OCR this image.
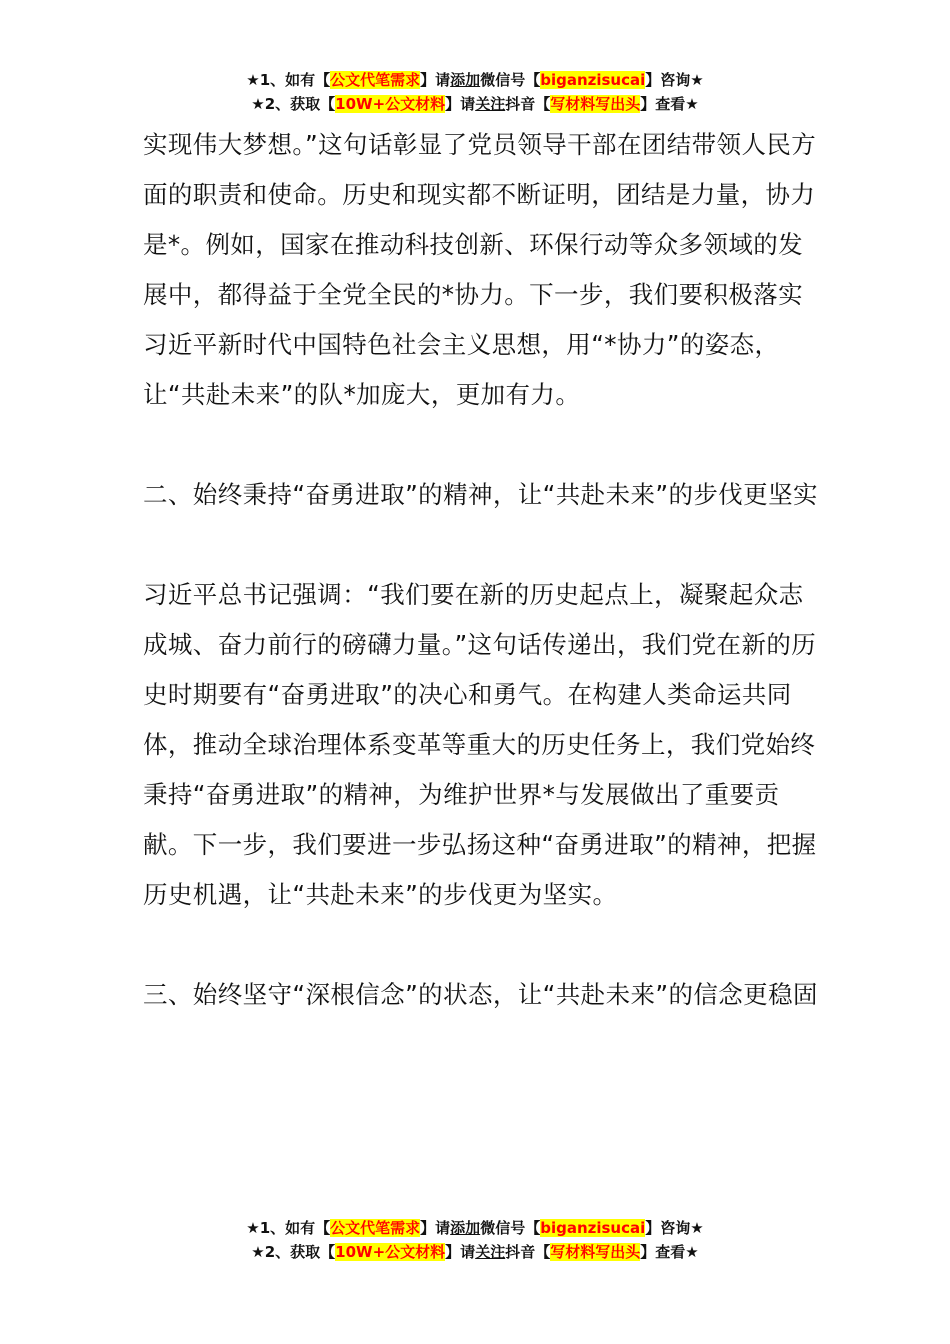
★1、如有【公文代笔需求】请添加微信号【biganzisucai】咨询★
★2、获取【10W+公文材料】请关注抖音【写材料写出头】查看★

实现伟大梦想。”这句话彰显了党员领导干部在团结带领人民方面的职责和使命。历史和现实都不断证明，团结是力量，协力是*。例如，国家在推动科技创新、环保行动等众多领域的发展中，都得益于全党全民的*协力。下一步，我们要积极落实习近平新时代中国特色社会主义思想，用“*协力”的姿态，让“共赴未来”的队*加庞大，更加有力。

二、始终秉持“奋勇进取”的精神，让“共赴未来”的步伐更坚实

习近平总书记强调：“我们要在新的历史起点上，凝聚起众志成城、奋力前行的磅礴力量。”这句话传递出，我们党在新的历史时期要有“奋勇进取”的决心和勇气。在构建人类命运共同体，推动全球治理体系变革等重大的历史任务上，我们党始终秉持“奋勇进取”的精神，为维护世界*与发展做出了重要贡献。下一步，我们要进一步弘扬这种“奋勇进取”的精神，把握历史机遇，让“共赴未来”的步伐更为坚实。

三、始终坚守“深根信念”的状态，让“共赴未来”的信念更稳固

★1、如有【公文代笔需求】请添加微信号【biganzisucai】咨询★
★2、获取【10W+公文材料】请关注抖音【写材料写出头】查看★
